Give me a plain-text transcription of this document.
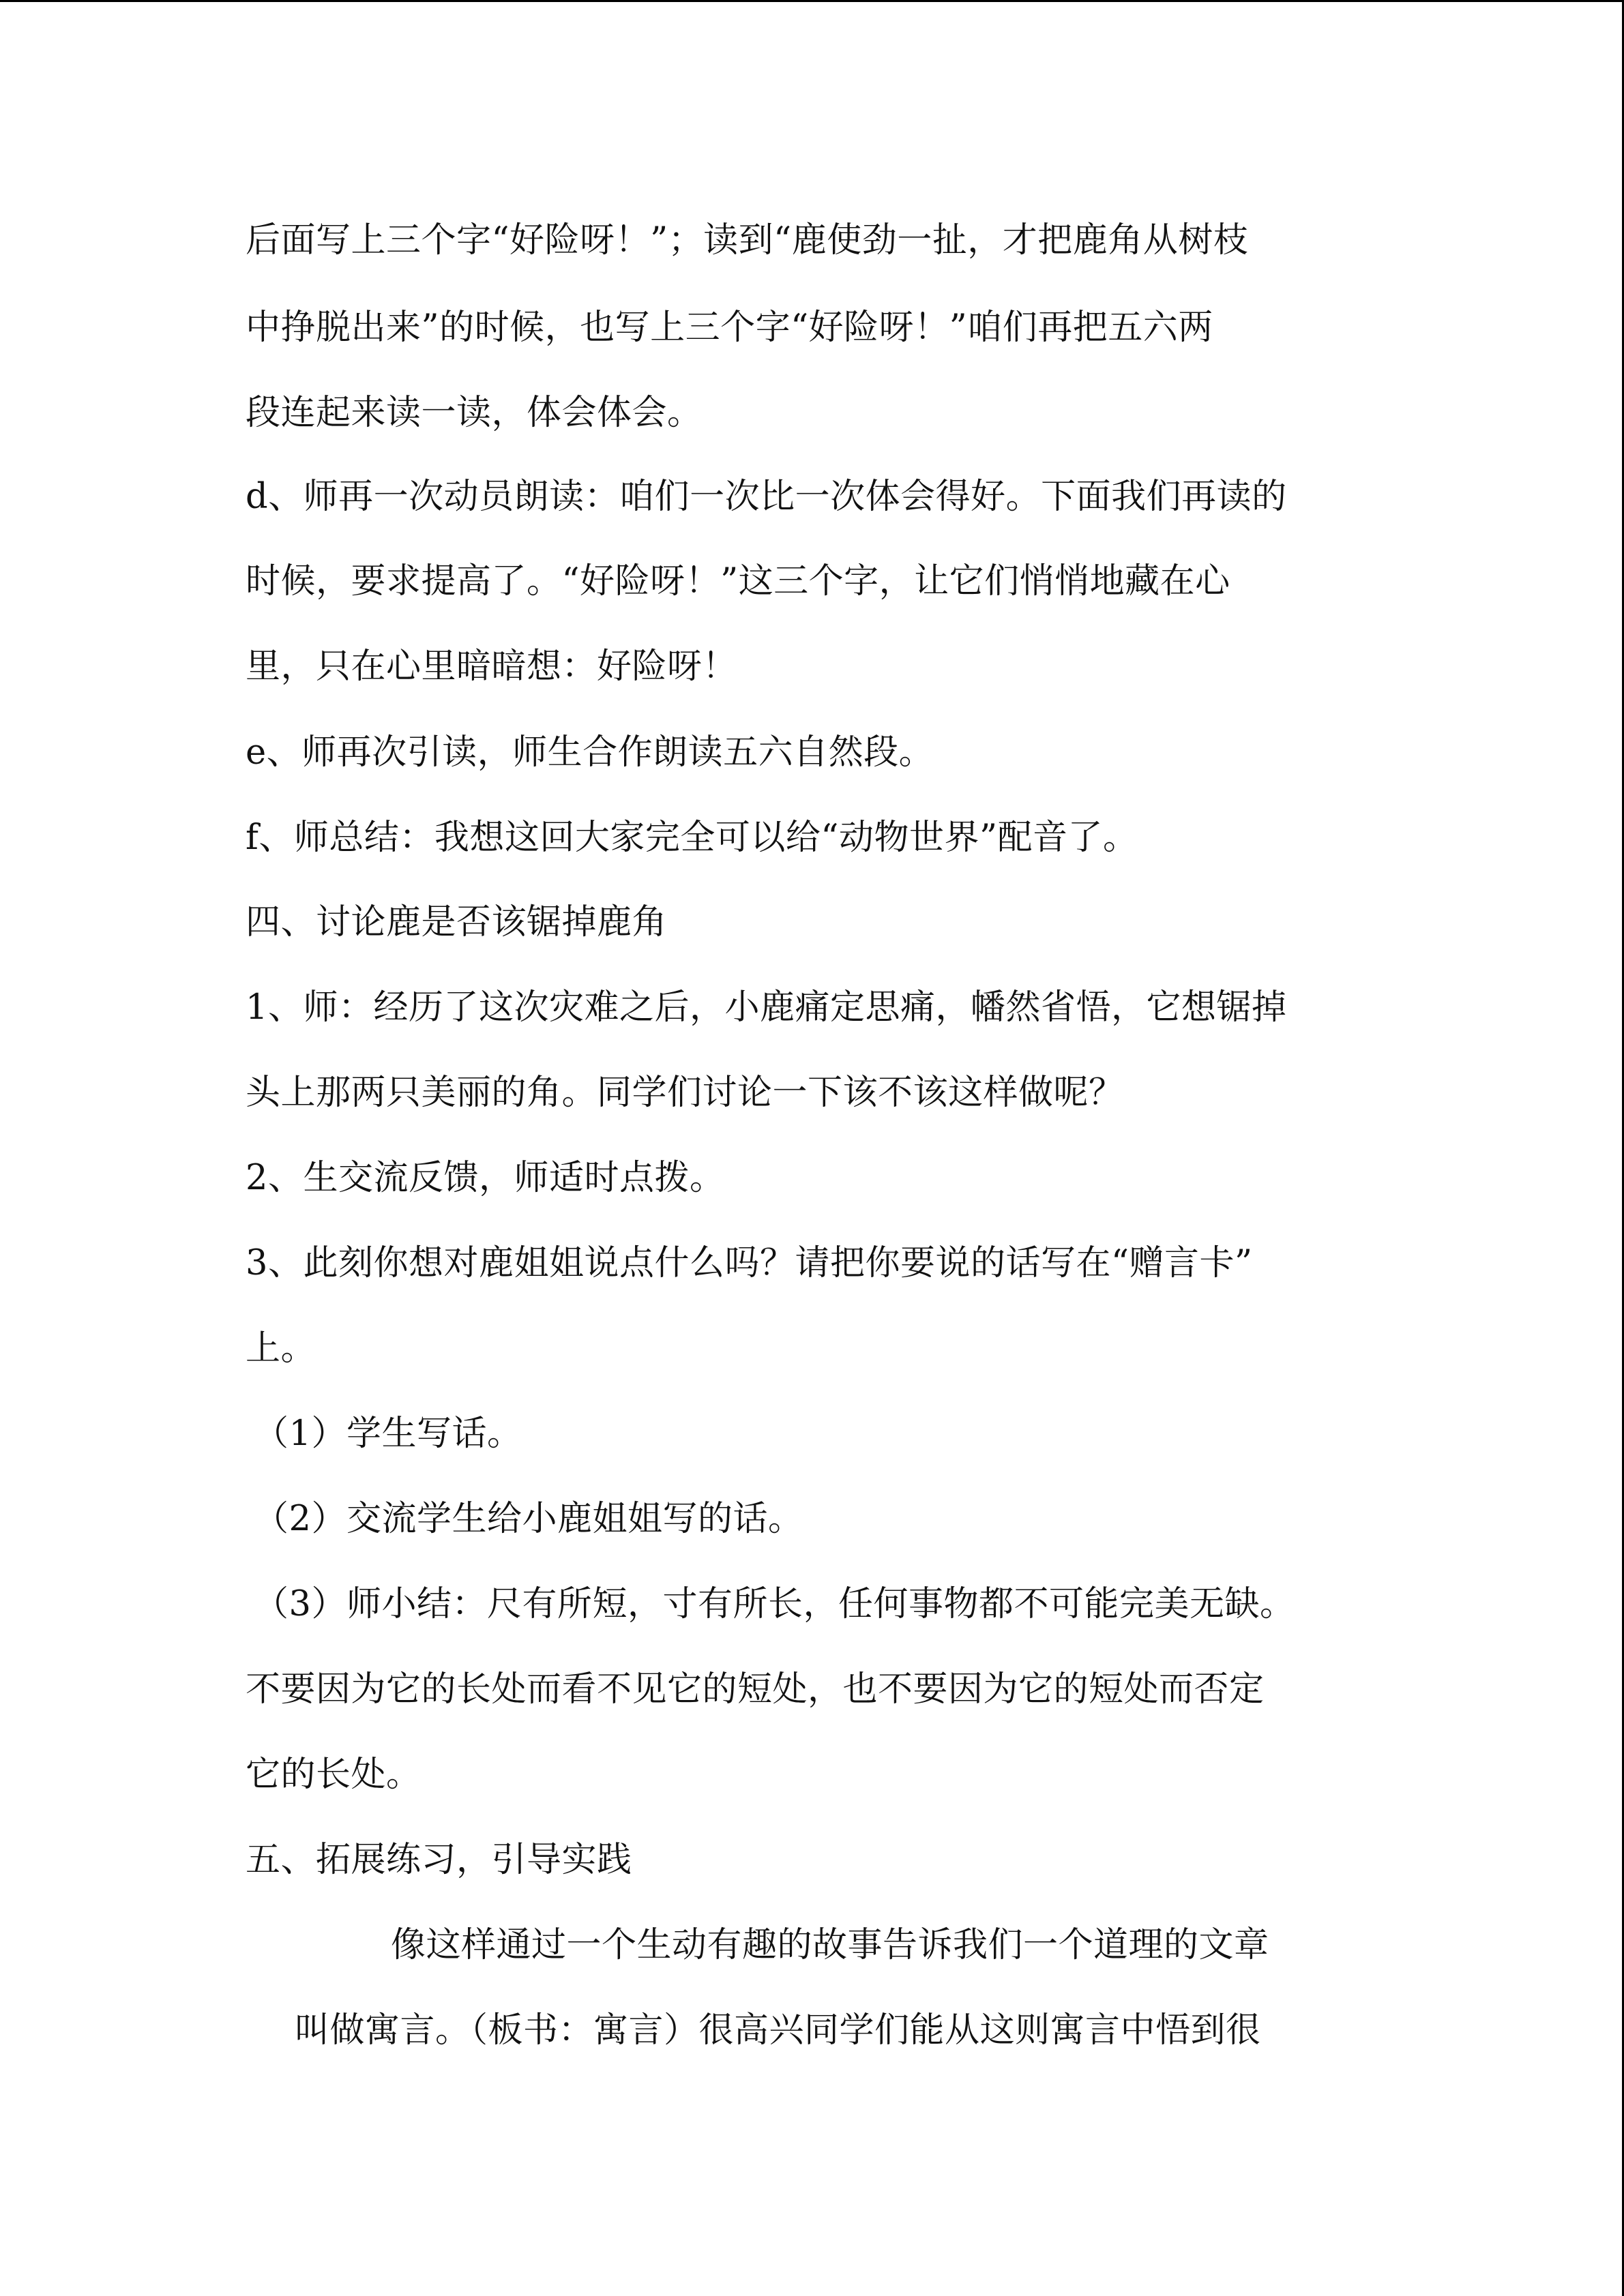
后面写上三个字“好险呀！”；读到“鹿使劲一扯，才把鹿角从树枝
中挣脱出来”的时候，也写上三个字“好险呀！”咱们再把五六两
段连起来读一读，体会体会。
d、师再一次动员朗读：咱们一次比一次体会得好。下面我们再读的
时候，要求提高了。“好险呀！”这三个字，让它们悄悄地藏在心
里，只在心里暗暗想：好险呀！
e、师再次引读，师生合作朗读五六自然段。
f、师总结：我想这回大家完全可以给“动物世界”配音了。
四、讨论鹿是否该锯掉鹿角
1、师：经历了这次灾难之后，小鹿痛定思痛，幡然省悟，它想锯掉
头上那两只美丽的角。同学们讨论一下该不该这样做呢？
2、生交流反馈，师适时点拨。
3、此刻你想对鹿姐姐说点什么吗？请把你要说的话写在“赠言卡”
上。
（1）学生写话。
（2）交流学生给小鹿姐姐写的话。
（3）师小结：尺有所短，寸有所长，任何事物都不可能完美无缺。
不要因为它的长处而看不见它的短处，也不要因为它的短处而否定
它的长处。
五、拓展练习，引导实践
像这样通过一个生动有趣的故事告诉我们一个道理的文章
叫做寓言。（板书：寓言）很高兴同学们能从这则寓言中悟到很
